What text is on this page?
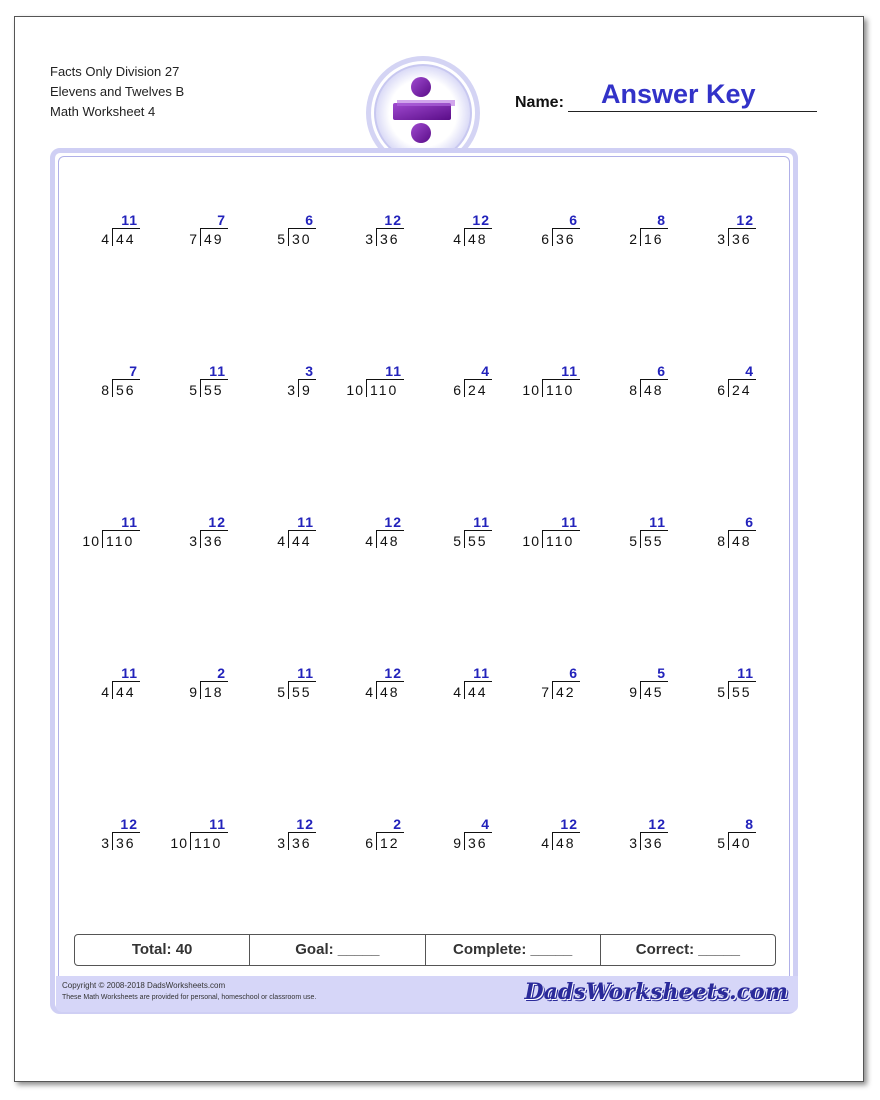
Facts Only Division 27
Elevens and Twelves B
Math Worksheet 4
Name: Answer Key
11
44
4
7
49
7
6
30
5
12
36
3
12
48
4
6
36
6
8
16
2
12
36
3
7
56
8
11
55
5
3
9
3
11
110
10
4
24
6
11
110
10
6
48
8
4
24
6
11
110
10
12
36
3
11
44
4
12
48
4
11
55
5
11
110
10
11
55
5
6
48
8
11
44
4
2
18
9
11
55
5
12
48
4
11
44
4
6
42
7
5
45
9
11
55
5
12
36
3
11
110
10
12
36
3
2
12
6
4
36
9
12
48
4
12
36
3
8
40
5
Total: 40	Goal: _____	Complete: _____	Correct: _____
Copyright © 2008-2018 DadsWorksheets.com
These Math Worksheets are provided for personal, homeschool or classroom use.	DadsWorksheets.com
